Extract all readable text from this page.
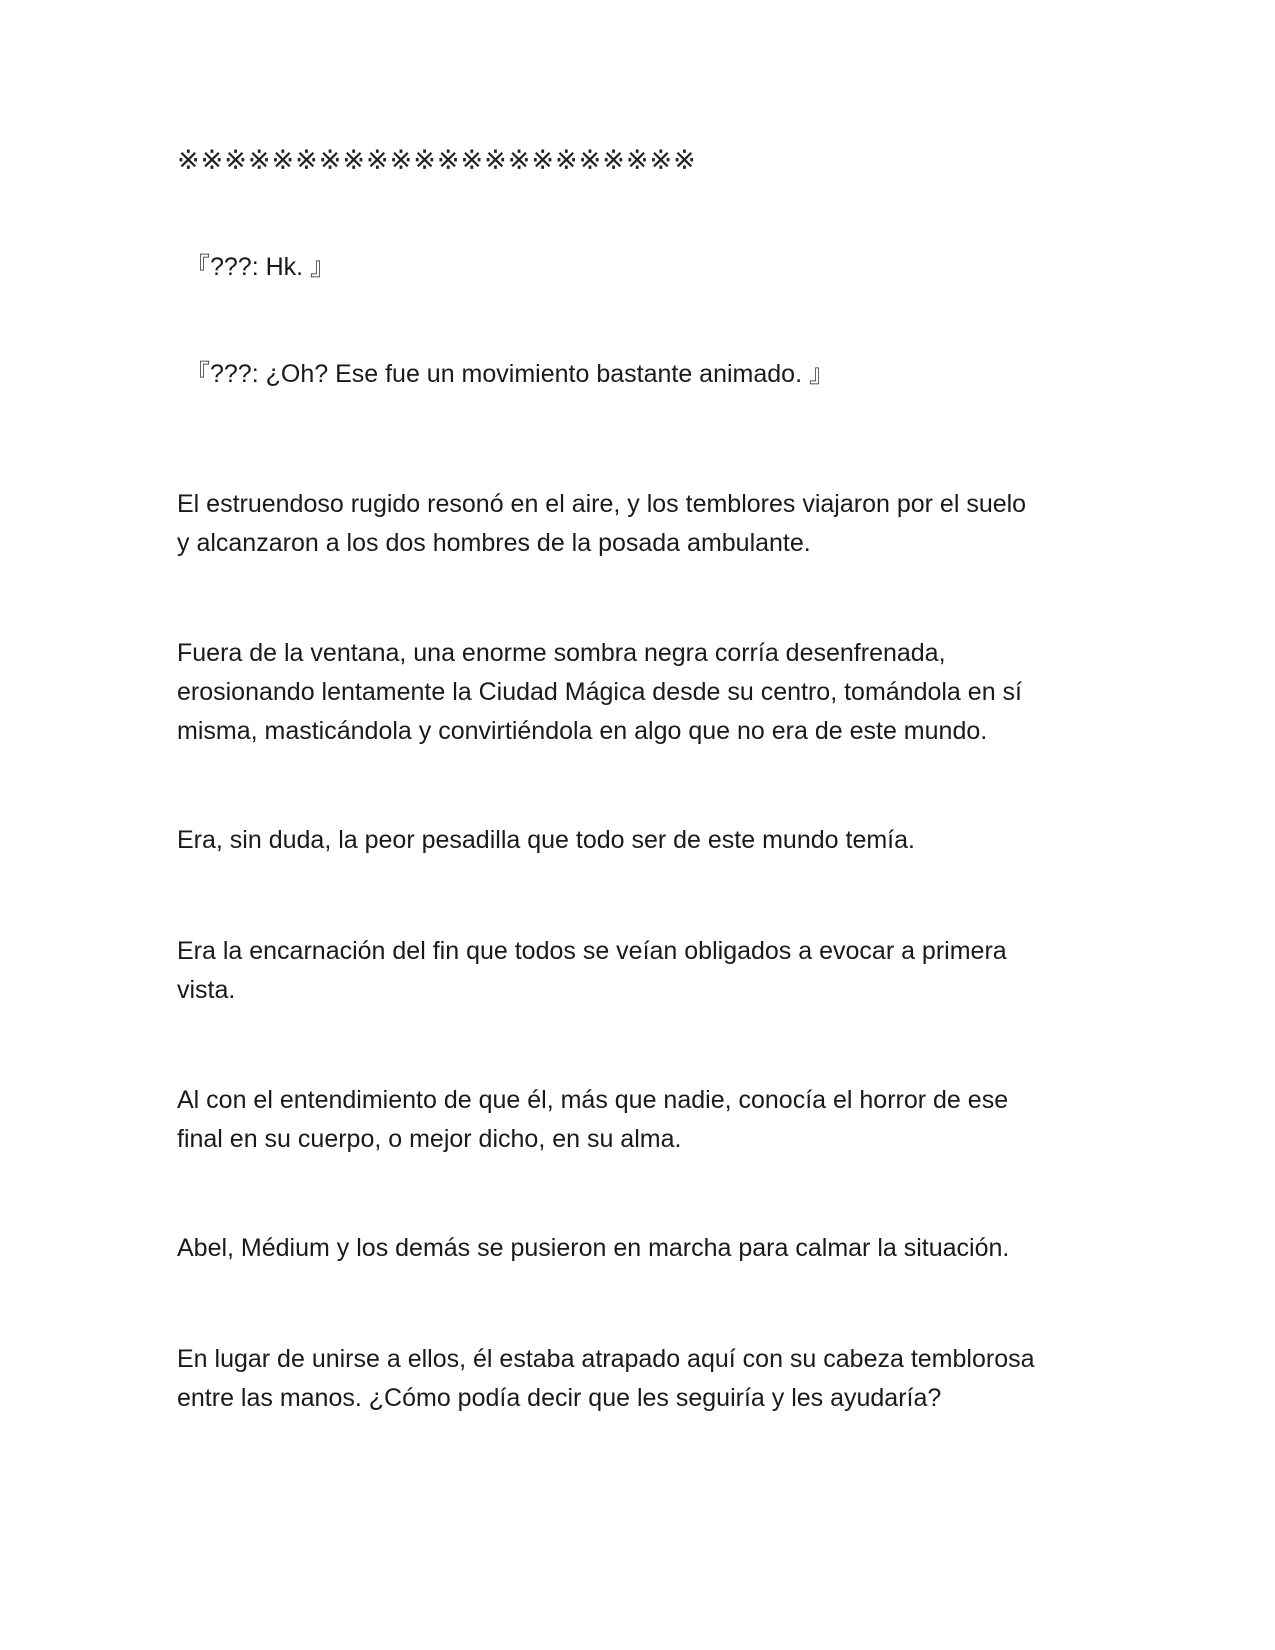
※※※※※※※※※※※※※※※※※※※※※※

『???: Hk. 』

『???: ¿Oh? Ese fue un movimiento bastante animado. 』

El estruendoso rugido resonó en el aire, y los temblores viajaron por el suelo

y alcanzaron a los dos hombres de la posada ambulante.

Fuera de la ventana, una enorme sombra negra corría desenfrenada,

erosionando lentamente la Ciudad Mágica desde su centro, tomándola en sí

misma, masticándola y convirtiéndola en algo que no era de este mundo.

Era, sin duda, la peor pesadilla que todo ser de este mundo temía.

Era la encarnación del fin que todos se veían obligados a evocar a primera

vista.

Al con el entendimiento de que él, más que nadie, conocía el horror de ese

final en su cuerpo, o mejor dicho, en su alma.

Abel, Médium y los demás se pusieron en marcha para calmar la situación.

En lugar de unirse a ellos, él estaba atrapado aquí con su cabeza temblorosa

entre las manos. ¿Cómo podía decir que les seguiría y les ayudaría?
